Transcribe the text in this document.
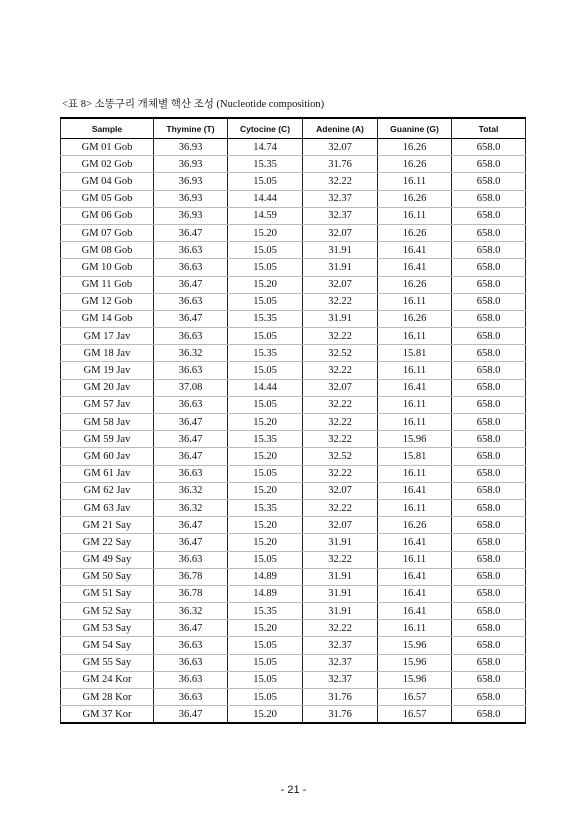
<표 8> 소똥구리 개체별 핵산 조성 (Nucleotide composition)
Sample	Thymine (T)	Cytocine (C)	Adenine (A)	Guanine (G)	Total
GM 01 Gob	36.93	14.74	32.07	16.26	658.0
GM 02 Gob	36.93	15.35	31.76	16.26	658.0
GM 04 Gob	36.93	15.05	32.22	16.11	658.0
GM 05 Gob	36.93	14.44	32.37	16.26	658.0
GM 06 Gob	36.93	14.59	32.37	16.11	658.0
GM 07 Gob	36.47	15.20	32.07	16.26	658.0
GM 08 Gob	36.63	15.05	31.91	16.41	658.0
GM 10 Gob	36.63	15.05	31.91	16.41	658.0
GM 11 Gob	36.47	15.20	32.07	16.26	658.0
GM 12 Gob	36.63	15.05	32.22	16.11	658.0
GM 14 Gob	36.47	15.35	31.91	16.26	658.0
GM 17 Jav	36.63	15.05	32.22	16.11	658.0
GM 18 Jav	36.32	15.35	32.52	15.81	658.0
GM 19 Jav	36.63	15.05	32.22	16.11	658.0
GM 20 Jav	37.08	14.44	32.07	16.41	658.0
GM 57 Jav	36.63	15.05	32.22	16.11	658.0
GM 58 Jav	36.47	15.20	32.22	16.11	658.0
GM 59 Jav	36.47	15.35	32.22	15.96	658.0
GM 60 Jav	36.47	15.20	32.52	15.81	658.0
GM 61 Jav	36.63	15.05	32.22	16.11	658.0
GM 62 Jav	36.32	15.20	32.07	16.41	658.0
GM 63 Jav	36.32	15.35	32.22	16.11	658.0
GM 21 Say	36.47	15.20	32.07	16.26	658.0
GM 22 Say	36.47	15.20	31.91	16.41	658.0
GM 49 Say	36.63	15.05	32.22	16.11	658.0
GM 50 Say	36.78	14.89	31.91	16.41	658.0
GM 51 Say	36.78	14.89	31.91	16.41	658.0
GM 52 Say	36.32	15.35	31.91	16.41	658.0
GM 53 Say	36.47	15.20	32.22	16.11	658.0
GM 54 Say	36.63	15.05	32.37	15.96	658.0
GM 55 Say	36.63	15.05	32.37	15.96	658.0
GM 24 Kor	36.63	15.05	32.37	15.96	658.0
GM 28 Kor	36.63	15.05	31.76	16.57	658.0
GM 37 Kor	36.47	15.20	31.76	16.57	658.0
- 21 -
